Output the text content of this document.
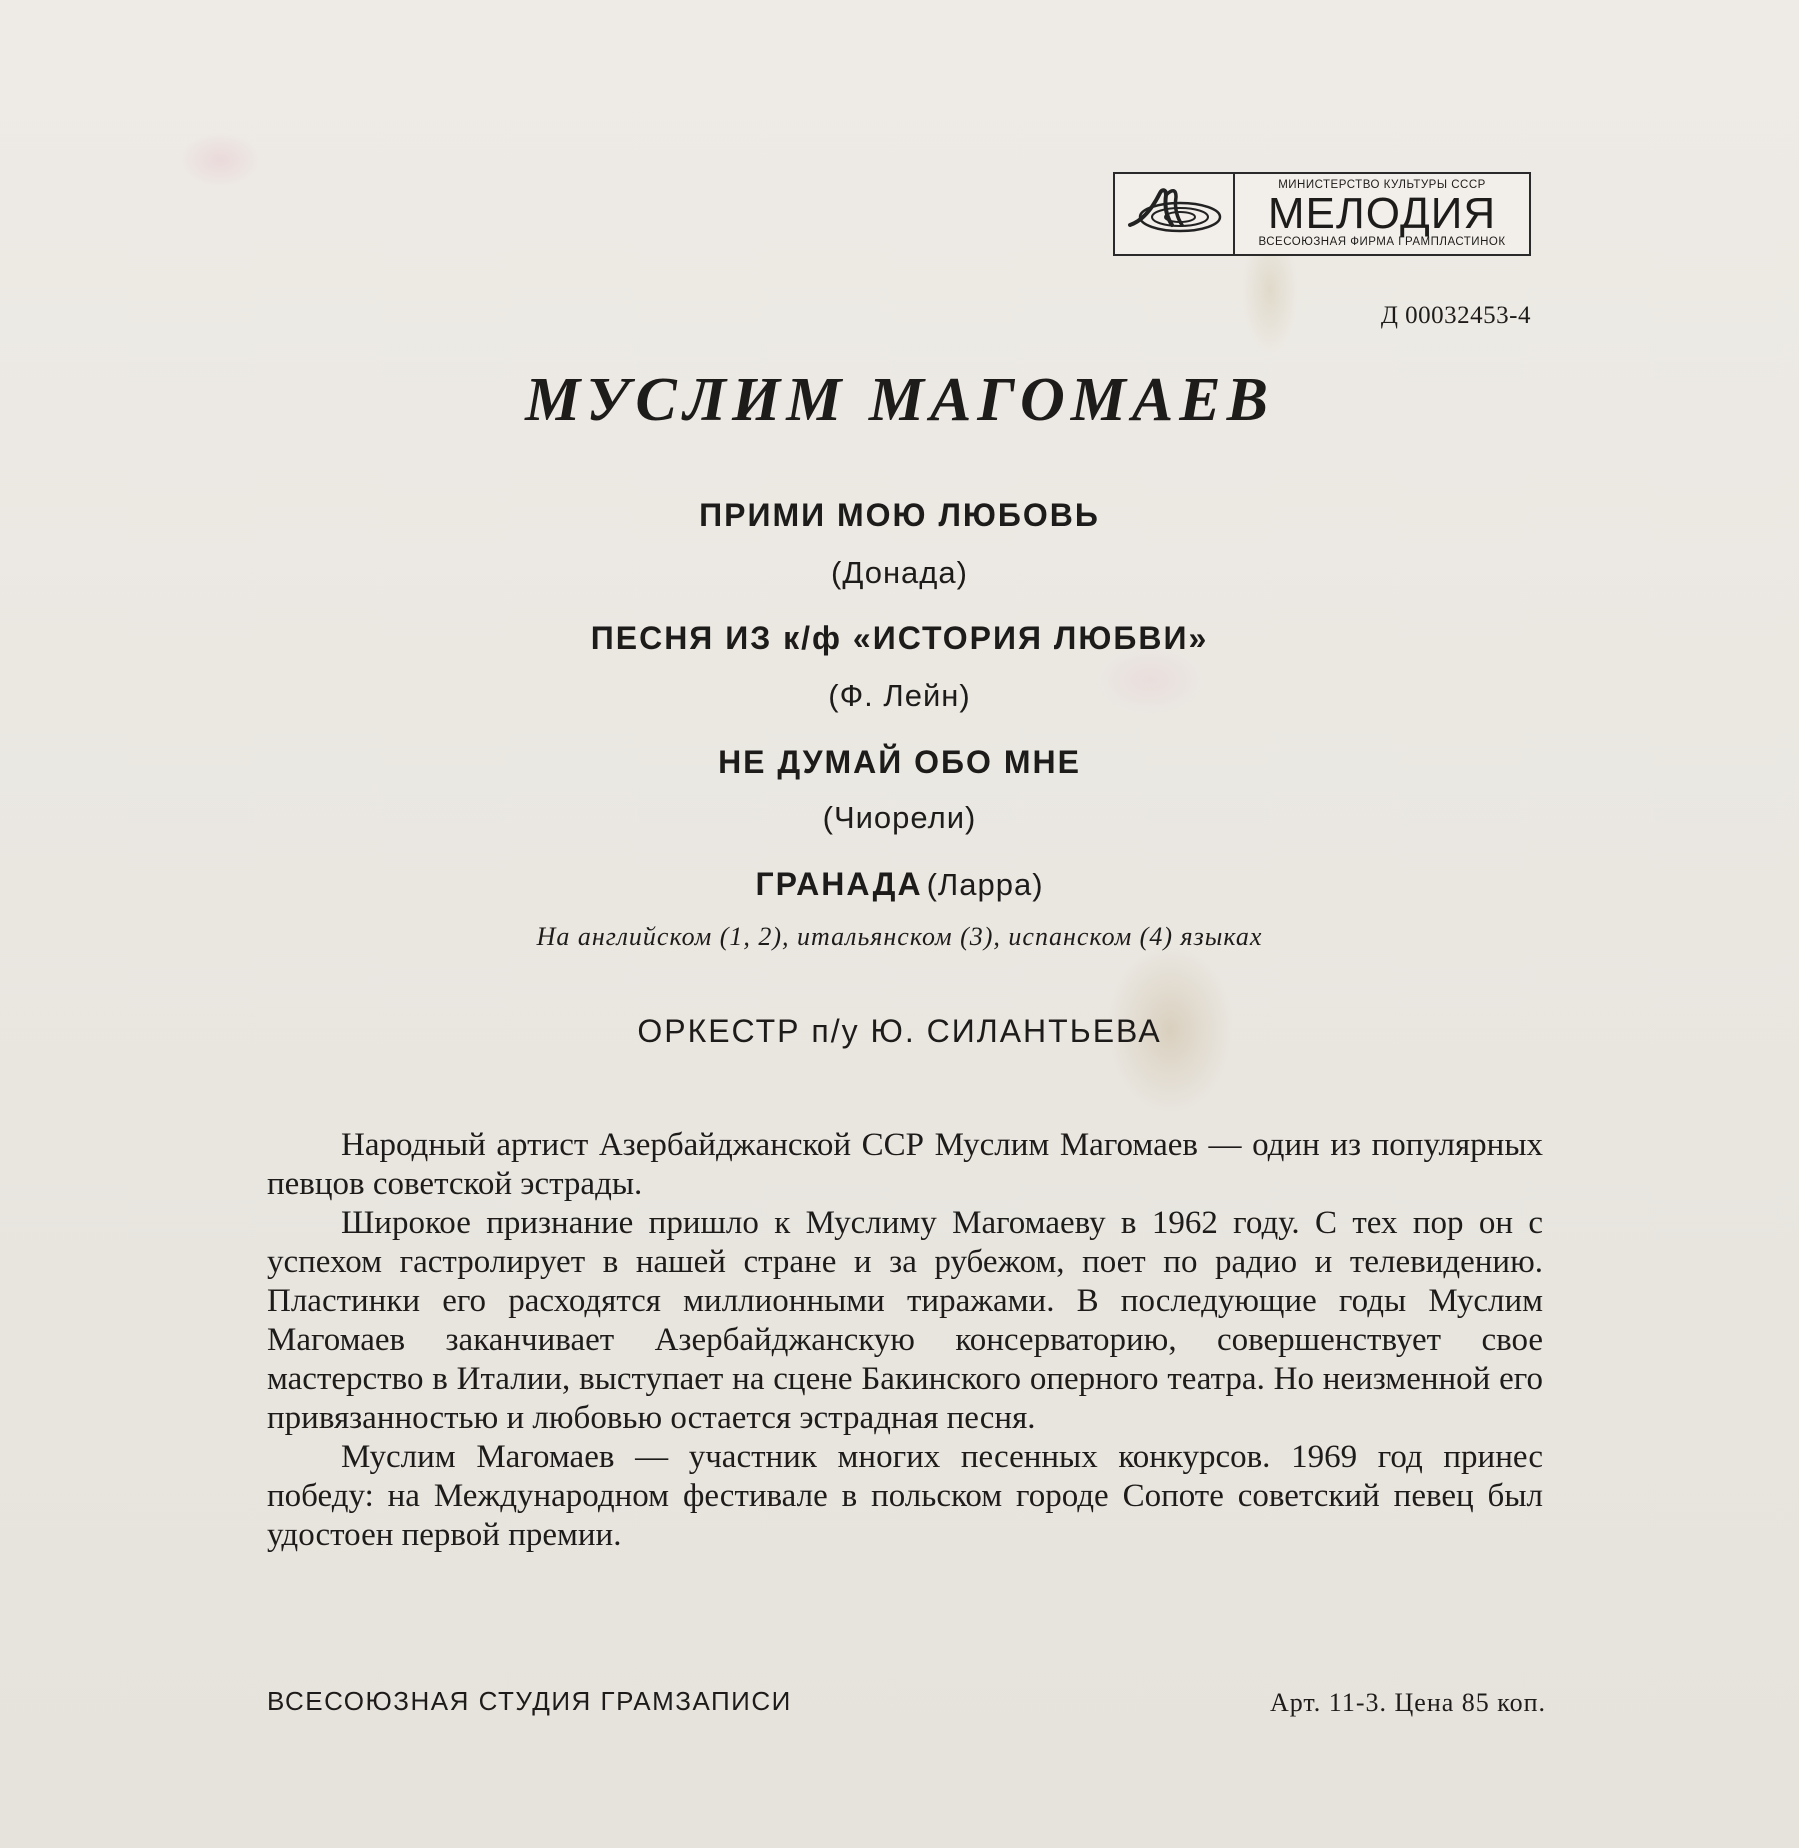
МИНИСТЕРСТВО КУЛЬТУРЫ СССР
МЕЛОДИЯ
ВСЕСОЮЗНАЯ ФИРМА ГРАМПЛАСТИНОК
Д 00032453-4
МУСЛИМ МАГОМАЕВ
ПРИМИ МОЮ ЛЮБОВЬ
(Донада)
ПЕСНЯ ИЗ к/ф «ИСТОРИЯ ЛЮБВИ»
(Ф. Лейн)
НЕ ДУМАЙ ОБО МНЕ
(Чиорели)
ГРАНАДА (Ларра)
На английском (1, 2), итальянском (3), испанском (4) языках
ОРКЕСТР п/у Ю. СИЛАНТЬЕВА

Народный артист Азербайджанской ССР Муслим Магомаев — один из популярных певцов советской эстрады.

Широкое признание пришло к Муслиму Магомаеву в 1962 году. С тех пор он с успехом гастролирует в нашей стране и за рубежом, поет по радио и телевидению. Пластинки его расходятся миллионными тиражами. В последующие годы Муслим Магомаев заканчивает Азербайджанскую консерваторию, совершенствует свое мастерство в Италии, выступает на сцене Бакинского оперного театра. Но неизменной его привязанностью и любовью остается эстрадная песня.

Муслим Магомаев — участник многих песенных конкурсов. 1969 год принес победу: на Международном фестивале в польском городе Сопоте советский певец был удостоен первой премии.

ВСЕСОЮЗНАЯ СТУДИЯ ГРАМЗАПИСИ	Арт. 11-3. Цена 85 коп.
